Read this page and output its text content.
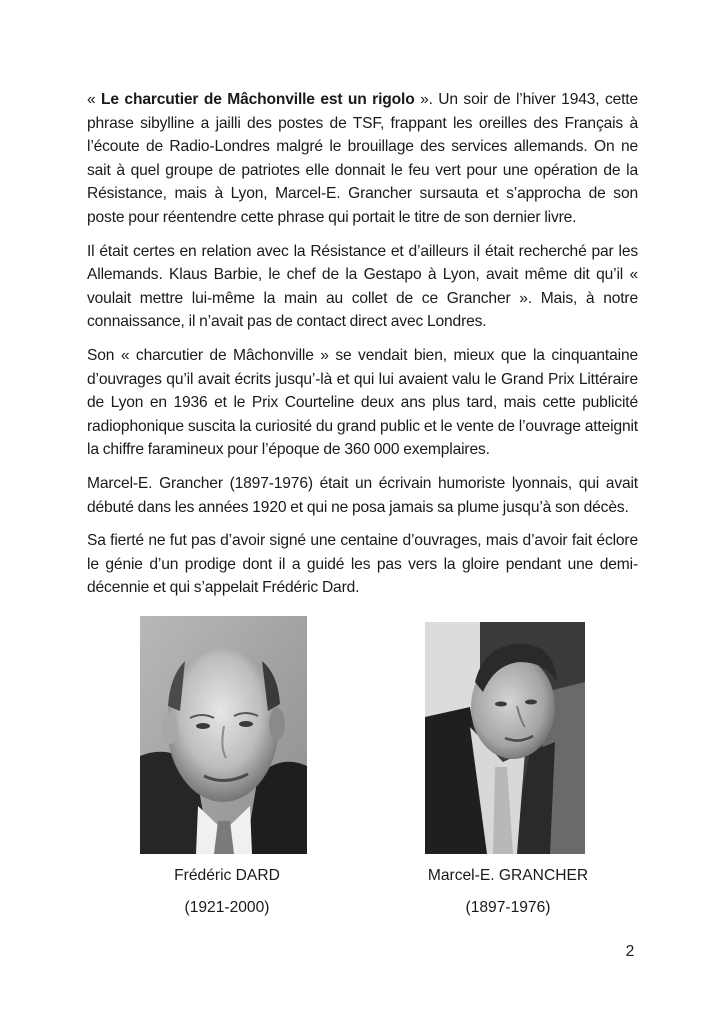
« Le charcutier de Mâchonville est un rigolo ». Un soir de l’hiver 1943, cette phrase sibylline a jailli des postes de TSF, frappant les oreilles des Français à l’écoute de Radio-Londres malgré le brouillage des services allemands. On ne sait à quel groupe de patriotes elle donnait le feu vert pour une opération de la Résistance, mais à Lyon, Marcel-E. Grancher sursauta et s’approcha de son poste pour réentendre cette phrase qui portait le titre de son dernier livre.

Il était certes en relation avec la Résistance et d’ailleurs il était recherché par les Allemands. Klaus Barbie, le chef de la Gestapo à Lyon, avait même dit qu’il « voulait mettre lui-même la main au collet de ce Grancher ». Mais, à notre connaissance, il n’avait pas de contact direct avec Londres.

Son « charcutier de Mâchonville » se vendait bien, mieux que la cinquantaine d’ouvrages qu’il avait écrits jusqu’-là et qui lui avaient valu le Grand Prix Littéraire de Lyon en 1936 et le Prix Courteline deux ans plus tard, mais cette publicité radiophonique suscita la curiosité du grand public et le vente de l’ouvrage atteignit la chiffre faramineux pour l’époque de 360 000 exemplaires.

Marcel-E. Grancher (1897-1976) était un écrivain humoriste lyonnais, qui avait débuté dans les années 1920 et qui ne posa jamais sa plume jusqu’à son décès.

Sa fierté ne fut pas d’avoir signé une centaine d’ouvrages, mais d’avoir fait éclore le génie d’un prodige dont il a guidé les pas vers la gloire pendant une demi-décennie et qui s’appelait Frédéric Dard.

Frédéric DARD
(1921-2000)
Marcel-E. GRANCHER
(1897-1976)
2
